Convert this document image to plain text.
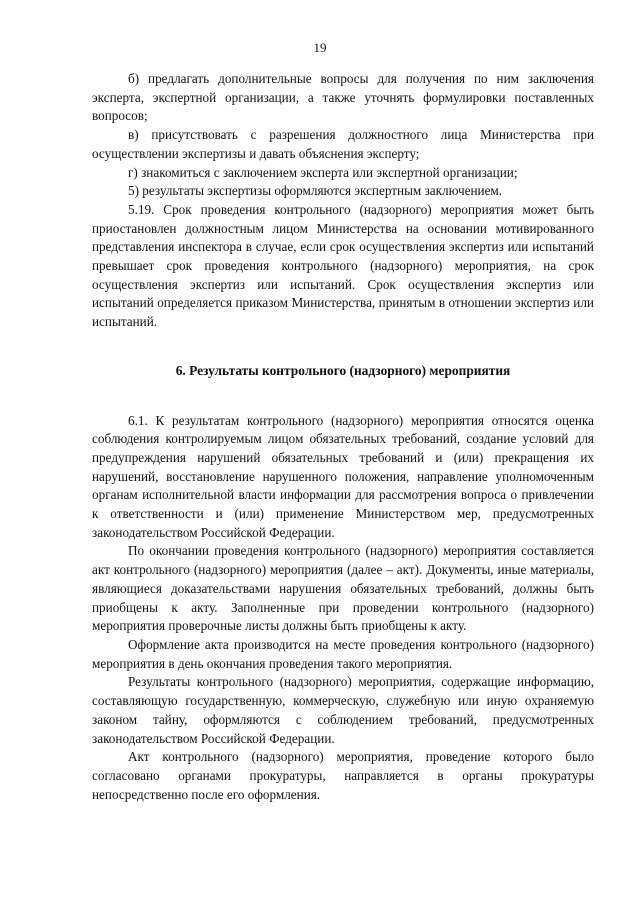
19

б) предлагать дополнительные вопросы для получения по ним заключения эксперта, экспертной организации, а также уточнять формулировки поставленных вопросов;

в) присутствовать с разрешения должностного лица Министерства при осуществлении экспертизы и давать объяснения эксперту;

г) знакомиться с заключением эксперта или экспертной организации;

5) результаты экспертизы оформляются экспертным заключением.

5.19. Срок проведения контрольного (надзорного) мероприятия может быть приостановлен должностным лицом Министерства на основании мотивированного представления инспектора в случае, если срок осуществления экспертиз или испытаний превышает срок проведения контрольного (надзорного) мероприятия, на срок осуществления экспертиз или испытаний. Срок осуществления экспертиз или испытаний определяется приказом Министерства, принятым в отношении экспертиз или испытаний.

6. Результаты контрольного (надзорного) мероприятия

6.1. К результатам контрольного (надзорного) мероприятия относятся оценка соблюдения контролируемым лицом обязательных требований, создание условий для предупреждения нарушений обязательных требований и (или) прекращения их нарушений, восстановление нарушенного положения, направление уполномоченным органам исполнительной власти информации для рассмотрения вопроса о привлечении к ответственности и (или) применение Министерством мер, предусмотренных законодательством Российской Федерации.

По окончании проведения контрольного (надзорного) мероприятия составляется акт контрольного (надзорного) мероприятия (далее – акт). Документы, иные материалы, являющиеся доказательствами нарушения обязательных требований, должны быть приобщены к акту. Заполненные при проведении контрольного (надзорного) мероприятия проверочные листы должны быть приобщены к акту.

Оформление акта производится на месте проведения контрольного (надзорного) мероприятия в день окончания проведения такого мероприятия.

Результаты контрольного (надзорного) мероприятия, содержащие информацию, составляющую государственную, коммерческую, служебную или иную охраняемую законом тайну, оформляются с соблюдением требований, предусмотренных законодательством Российской Федерации.

Акт контрольного (надзорного) мероприятия, проведение которого было согласовано органами прокуратуры, направляется в органы прокуратуры непосредственно после его оформления.
